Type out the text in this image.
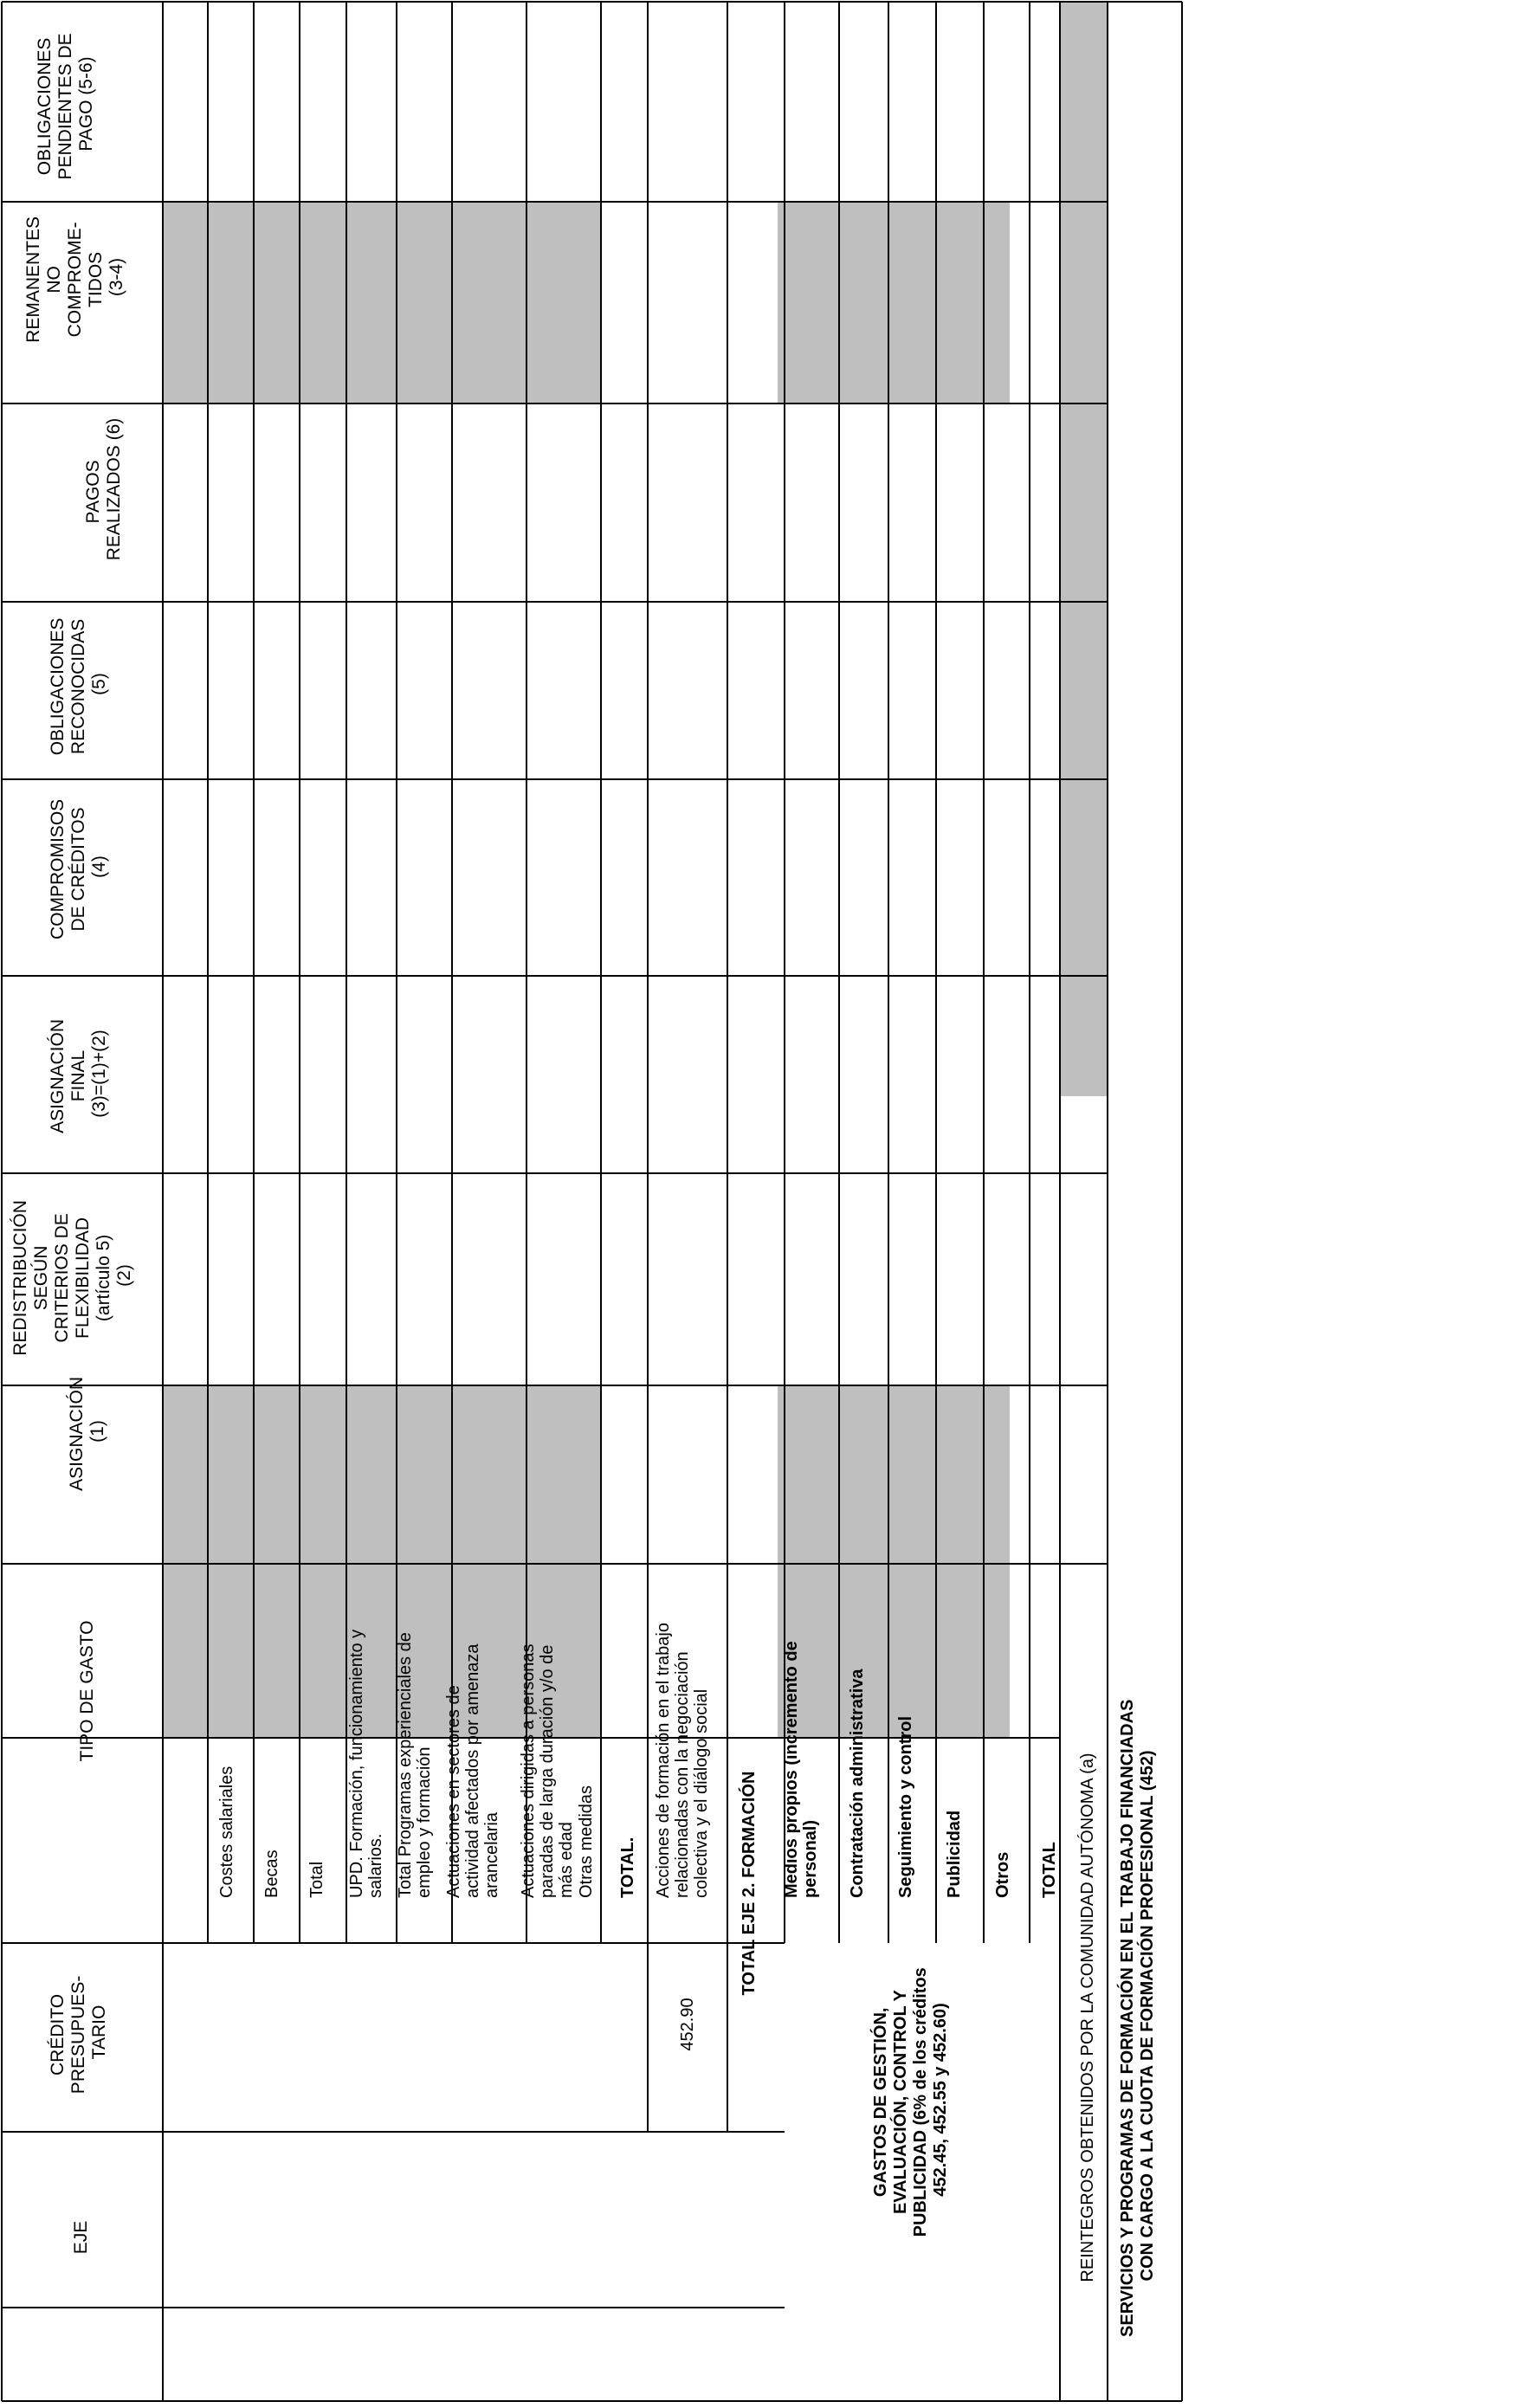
EJE
CRÉDITO PRESUPUES- TARIO
TIPO DE GASTO
ASIGNACIÓN (1)
REDISTRIBUCIÓN SEGÚN CRITERIOS DE FLEXIBILIDAD (artículo 5) (2)
ASIGNACIÓN FINAL (3)=(1)+(2)
COMPROMISOS DE CRÉDITOS (4)
OBLIGACIONES RECONOCIDAS (5)
PAGOS REALIZADOS (6)
REMANENTES NO COMPROME- TIDOS (3-4)
OBLIGACIONES PENDIENTES DE PAGO (5-6)
Costes salariales Becas Total UPD. Formación, funcionamiento y salarios. Total Programas experienciales de empleo y formación Actuaciones en sectores de actividad afectados por amenaza arancelaria Actuaciones dirigidas a personas paradas de larga duración y/o de más edad Otras medidas TOTAL.
452.90
Acciones de formación en el trabajo relacionadas con la negociación colectiva y el diálogo social TOTAL EJE 2. FORMACIÓN
GASTOS DE GESTIÓN, EVALUACIÓN, CONTROL Y PUBLICIDAD (6% de los créditos 452.45, 452.55 y 452.60)
Medios propios (incremento de personal) Contratación administrativa Seguimiento y control Publicidad Otros TOTAL REINTEGROS OBTENIDOS POR LA COMUNIDAD AUTÓNOMA (a) SERVICIOS Y PROGRAMAS DE FORMACIÓN EN EL TRABAJO FINANCIADAS CON CARGO A LA CUOTA DE FORMACIÓN PROFESIONAL (452)
